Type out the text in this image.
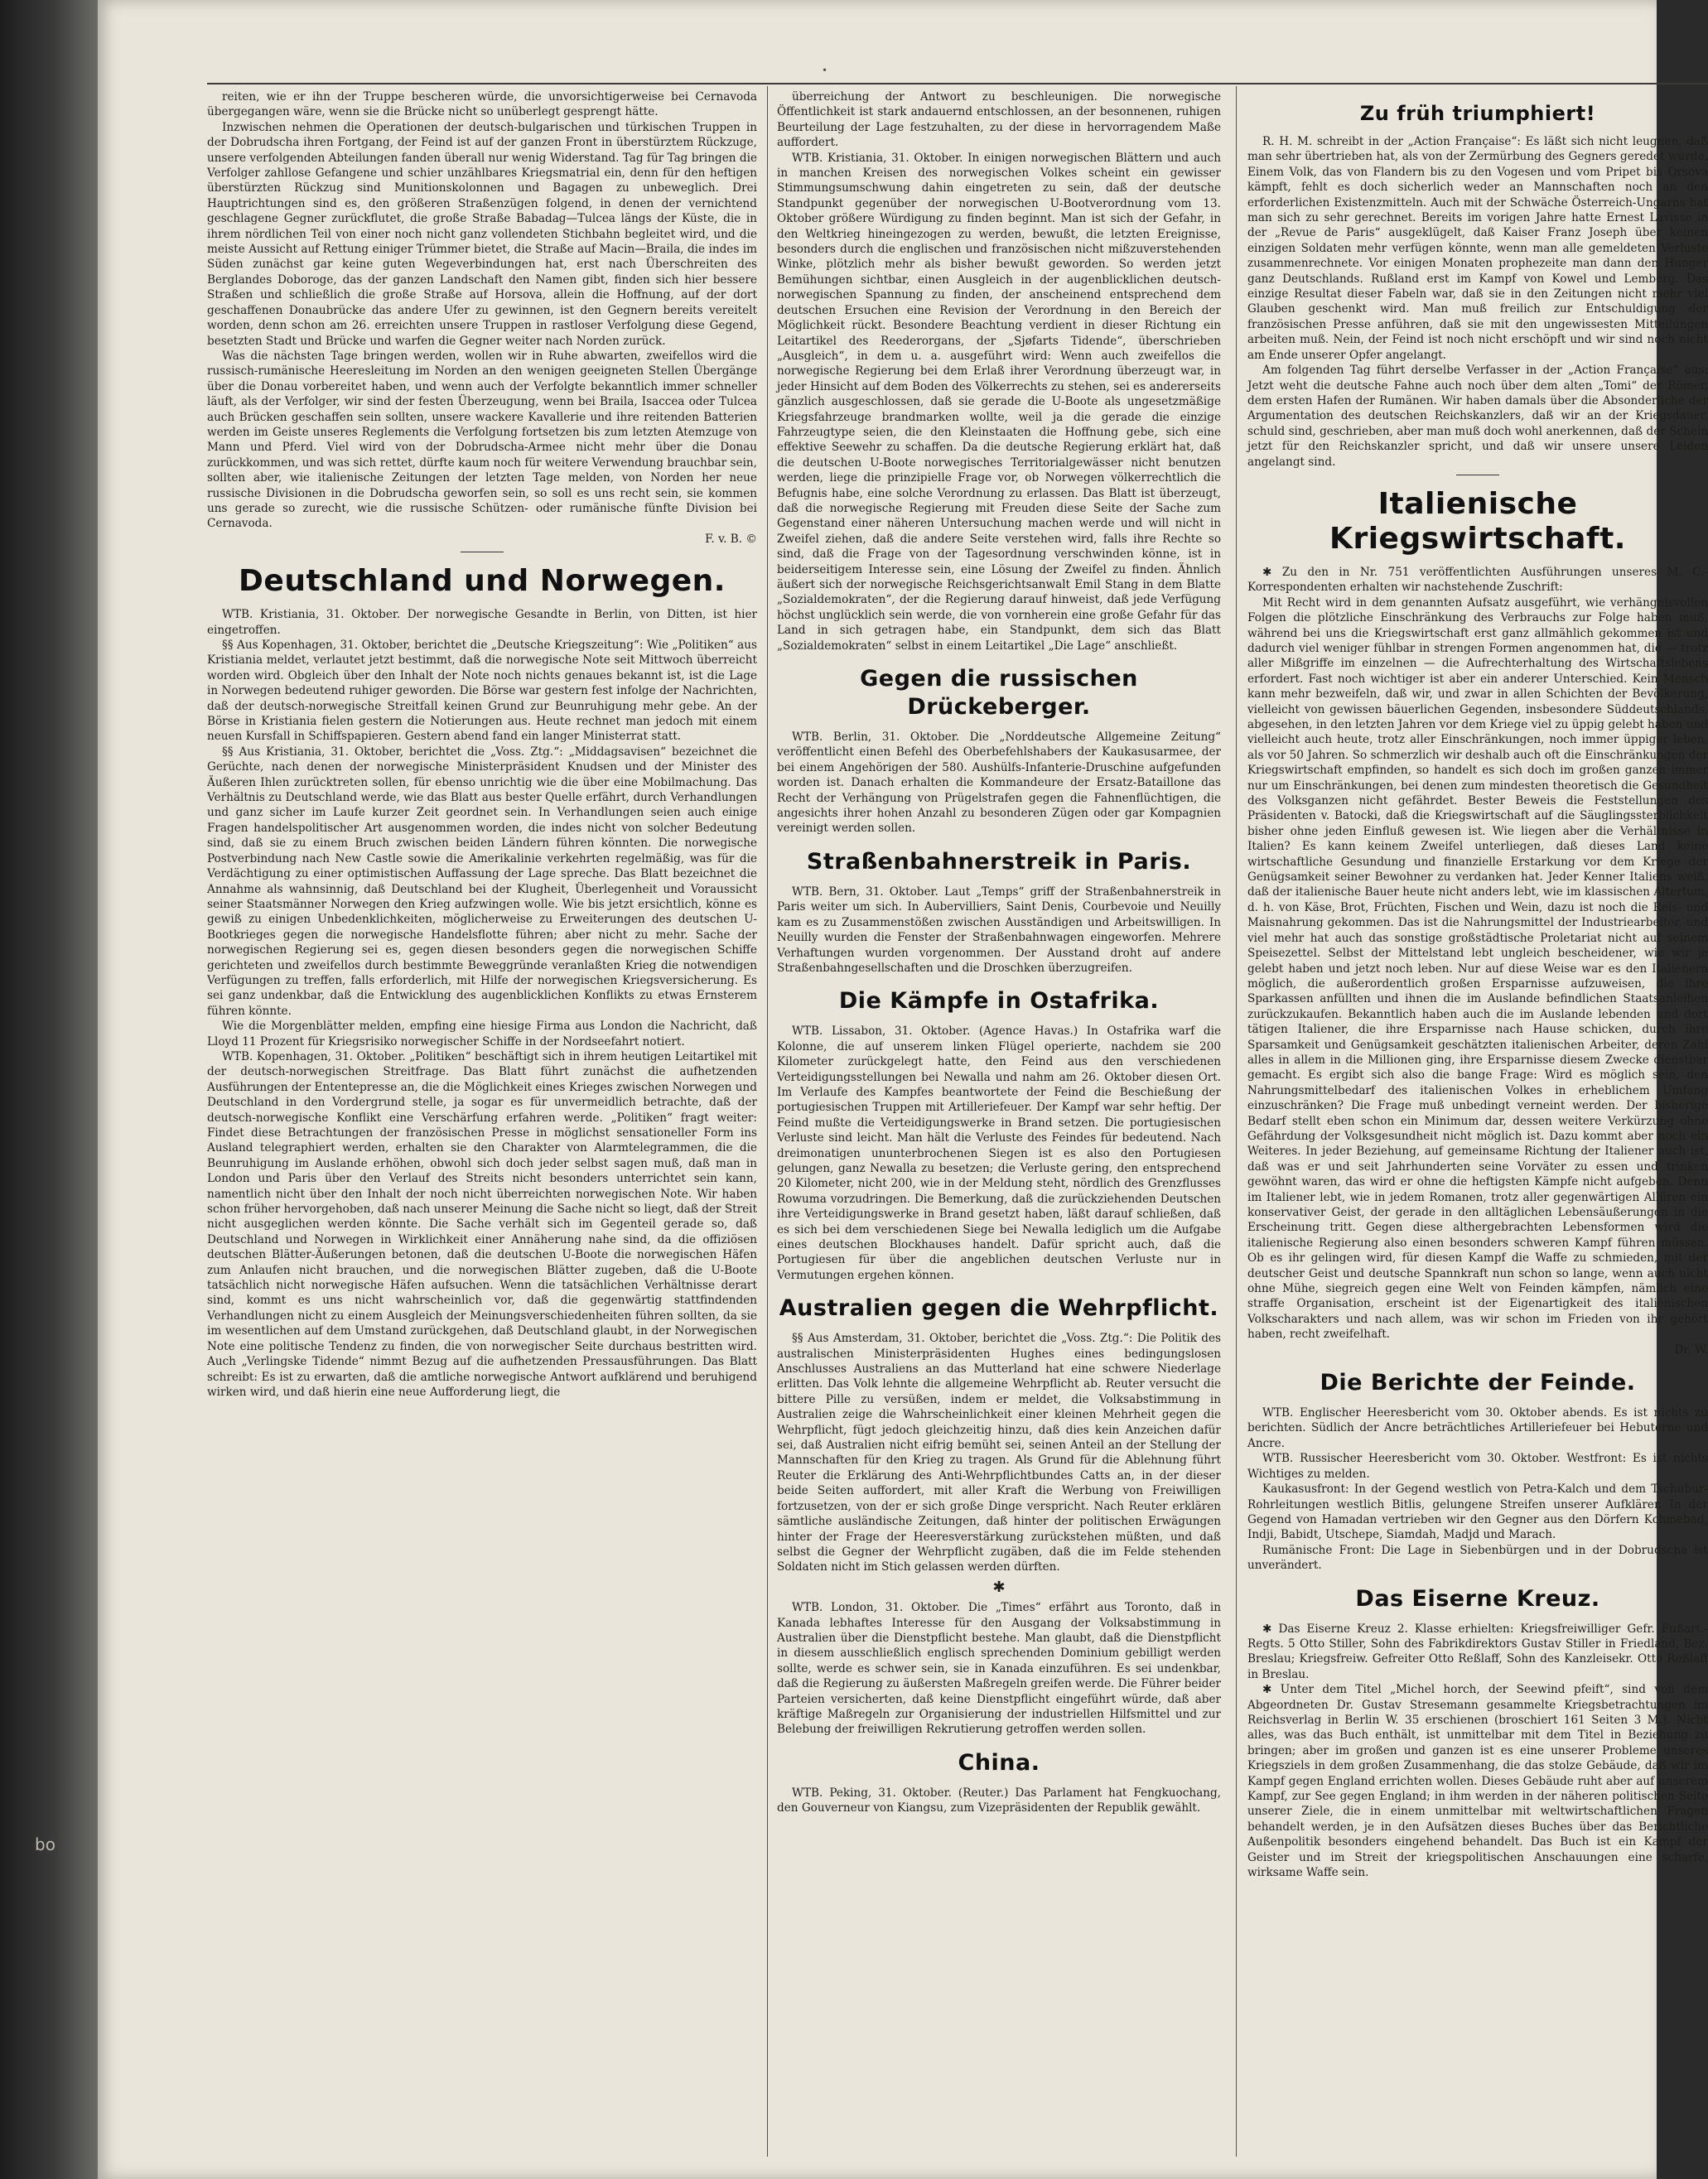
bo
•

reiten, wie er ihn der Truppe bescheren würde, die unvorsichtigerweise bei Cernavoda übergegangen wäre, wenn sie die Brücke nicht so unüberlegt gesprengt hätte.

Inzwischen nehmen die Operationen der deutsch-bulgarischen und türkischen Truppen in der Dobrudscha ihren Fortgang, der Feind ist auf der ganzen Front in überstürztem Rückzuge, unsere verfolgenden Abteilungen fanden überall nur wenig Widerstand. Tag für Tag bringen die Verfolger zahllose Gefangene und schier unzählbares Kriegsmatrial ein, denn für den heftigen überstürzten Rückzug sind Munitionskolonnen und Bagagen zu unbeweglich. Drei Hauptrichtungen sind es, den größeren Straßenzügen folgend, in denen der vernichtend geschlagene Gegner zurückflutet, die große Straße Babadag—Tulcea längs der Küste, die in ihrem nördlichen Teil von einer noch nicht ganz vollendeten Stichbahn begleitet wird, und die meiste Aussicht auf Rettung einiger Trümmer bietet, die Straße auf Macin—Braila, die indes im Süden zunächst gar keine guten Wegeverbindungen hat, erst nach Überschreiten des Berglandes Doboroge, das der ganzen Landschaft den Namen gibt, finden sich hier bessere Straßen und schließlich die große Straße auf Horsova, allein die Hoffnung, auf der dort geschaffenen Donaubrücke das andere Ufer zu gewinnen, ist den Gegnern bereits vereitelt worden, denn schon am 26. erreichten unsere Truppen in rastloser Verfolgung diese Gegend, besetzten Stadt und Brücke und warfen die Gegner weiter nach Norden zurück.

Was die nächsten Tage bringen werden, wollen wir in Ruhe abwarten, zweifellos wird die russisch-rumänische Heeresleitung im Norden an den wenigen geeigneten Stellen Übergänge über die Donau vorbereitet haben, und wenn auch der Verfolgte bekanntlich immer schneller läuft, als der Verfolger, wir sind der festen Überzeugung, wenn bei Braila, Isaccea oder Tulcea auch Brücken geschaffen sein sollten, unsere wackere Kavallerie und ihre reitenden Batterien werden im Geiste unseres Reglements die Verfolgung fortsetzen bis zum letzten Atemzuge von Mann und Pferd. Viel wird von der Dobrudscha-Armee nicht mehr über die Donau zurückkommen, und was sich rettet, dürfte kaum noch für weitere Verwendung brauchbar sein, sollten aber, wie italienische Zeitungen der letzten Tage melden, von Norden her neue russische Divisionen in die Dobrudscha geworfen sein, so soll es uns recht sein, sie kommen uns gerade so zurecht, wie die russische Schützen- oder rumänische fünfte Division bei Cernavoda.

F. v. B. ©
Deutschland und Norwegen.

WTB. Kristiania, 31. Oktober. Der norwegische Gesandte in Berlin, von Ditten, ist hier eingetroffen.

§§ Aus Kopenhagen, 31. Oktober, berichtet die „Deutsche Kriegszeitung“: Wie „Politiken“ aus Kristiania meldet, verlautet jetzt bestimmt, daß die norwegische Note seit Mittwoch überreicht worden wird. Obgleich über den Inhalt der Note noch nichts genaues bekannt ist, ist die Lage in Norwegen bedeutend ruhiger geworden. Die Börse war gestern fest infolge der Nachrichten, daß der deutsch-norwegische Streitfall keinen Grund zur Beunruhigung mehr gebe. An der Börse in Kristiania fielen gestern die Notierungen aus. Heute rechnet man jedoch mit einem neuen Kursfall in Schiffspapieren. Gestern abend fand ein langer Ministerrat statt.

§§ Aus Kristiania, 31. Oktober, berichtet die „Voss. Ztg.“: „Middagsavisen“ bezeichnet die Gerüchte, nach denen der norwegische Ministerpräsident Knudsen und der Minister des Äußeren Ihlen zurücktreten sollen, für ebenso unrichtig wie die über eine Mobilmachung. Das Verhältnis zu Deutschland werde, wie das Blatt aus bester Quelle erfährt, durch Verhandlungen und ganz sicher im Laufe kurzer Zeit geordnet sein. In Verhandlungen seien auch einige Fragen handelspolitischer Art ausgenommen worden, die indes nicht von solcher Bedeutung sind, daß sie zu einem Bruch zwischen beiden Ländern führen könnten. Die norwegische Postverbindung nach New Castle sowie die Amerikalinie verkehrten regelmäßig, was für die Verdächtigung zu einer optimistischen Auffassung der Lage spreche. Das Blatt bezeichnet die Annahme als wahnsinnig, daß Deutschland bei der Klugheit, Überlegenheit und Voraussicht seiner Staatsmänner Norwegen den Krieg aufzwingen wolle. Wie bis jetzt ersichtlich, könne es gewiß zu einigen Unbedenklichkeiten, möglicherweise zu Erweiterungen des deutschen U-Bootkrieges gegen die norwegische Handelsflotte führen; aber nicht zu mehr. Sache der norwegischen Regierung sei es, gegen diesen besonders gegen die norwegischen Schiffe gerichteten und zweifellos durch bestimmte Beweggründe veranlaßten Krieg die notwendigen Verfügungen zu treffen, falls erforderlich, mit Hilfe der norwegischen Kriegsversicherung. Es sei ganz undenkbar, daß die Entwicklung des augenblicklichen Konflikts zu etwas Ernsterem führen könnte.

Wie die Morgenblätter melden, empfing eine hiesige Firma aus London die Nachricht, daß Lloyd 11 Prozent für Kriegsrisiko norwegischer Schiffe in der Nordseefahrt notiert.

WTB. Kopenhagen, 31. Oktober. „Politiken“ beschäftigt sich in ihrem heutigen Leitartikel mit der deutsch-norwegischen Streitfrage. Das Blatt führt zunächst die aufhetzenden Ausführungen der Ententepresse an, die die Möglichkeit eines Krieges zwischen Norwegen und Deutschland in den Vordergrund stelle, ja sogar es für unvermeidlich betrachte, daß der deutsch-norwegische Konflikt eine Verschärfung erfahren werde. „Politiken“ fragt weiter: Findet diese Betrachtungen der französischen Presse in möglichst sensationeller Form ins Ausland telegraphiert werden, erhalten sie den Charakter von Alarmtelegrammen, die die Beunruhigung im Auslande erhöhen, obwohl sich doch jeder selbst sagen muß, daß man in London und Paris über den Verlauf des Streits nicht besonders unterrichtet sein kann, namentlich nicht über den Inhalt der noch nicht überreichten norwegischen Note. Wir haben schon früher hervorgehoben, daß nach unserer Meinung die Sache nicht so liegt, daß der Streit nicht ausgeglichen werden könnte. Die Sache verhält sich im Gegenteil gerade so, daß Deutschland und Norwegen in Wirklichkeit einer Annäherung nahe sind, da die offiziösen deutschen Blätter-Äußerungen betonen, daß die deutschen U-Boote die norwegischen Häfen zum Anlaufen nicht brauchen, und die norwegischen Blätter zugeben, daß die U-Boote tatsächlich nicht norwegische Häfen aufsuchen. Wenn die tatsächlichen Verhältnisse derart sind, kommt es uns nicht wahrscheinlich vor, daß die gegenwärtig stattfindenden Verhandlungen nicht zu einem Ausgleich der Meinungsverschiedenheiten führen sollten, da sie im wesentlichen auf dem Umstand zurückgehen, daß Deutschland glaubt, in der Norwegischen Note eine politische Tendenz zu finden, die von norwegischer Seite durchaus bestritten wird. Auch „Verlingske Tidende“ nimmt Bezug auf die aufhetzenden Pressausführungen. Das Blatt schreibt: Es ist zu erwarten, daß die amtliche norwegische Antwort aufklärend und beruhigend wirken wird, und daß hierin eine neue Aufforderung liegt, die

überreichung der Antwort zu beschleunigen. Die norwegische Öffentlichkeit ist stark andauernd entschlossen, an der besonnenen, ruhigen Beurteilung der Lage festzuhalten, zu der diese in hervorragendem Maße auffordert.

WTB. Kristiania, 31. Oktober. In einigen norwegischen Blättern und auch in manchen Kreisen des norwegischen Volkes scheint ein gewisser Stimmungsumschwung dahin eingetreten zu sein, daß der deutsche Standpunkt gegenüber der norwegischen U-Bootverordnung vom 13. Oktober größere Würdigung zu finden beginnt. Man ist sich der Gefahr, in den Weltkrieg hineingezogen zu werden, bewußt, die letzten Ereignisse, besonders durch die englischen und französischen nicht mißzuverstehenden Winke, plötzlich mehr als bisher bewußt geworden. So werden jetzt Bemühungen sichtbar, einen Ausgleich in der augenblicklichen deutsch-norwegischen Spannung zu finden, der anscheinend entsprechend dem deutschen Ersuchen eine Revision der Verordnung in den Bereich der Möglichkeit rückt. Besondere Beachtung verdient in dieser Richtung ein Leitartikel des Reederorgans, der „Sjøfarts Tidende“, überschrieben „Ausgleich“, in dem u. a. ausgeführt wird: Wenn auch zweifellos die norwegische Regierung bei dem Erlaß ihrer Verordnung überzeugt war, in jeder Hinsicht auf dem Boden des Völkerrechts zu stehen, sei es andererseits gänzlich ausgeschlossen, daß sie gerade die U-Boote als ungesetzmäßige Kriegsfahrzeuge brandmarken wollte, weil ja die gerade die einzige Fahrzeugtype seien, die den Kleinstaaten die Hoffnung gebe, sich eine effektive Seewehr zu schaffen. Da die deutsche Regierung erklärt hat, daß die deutschen U-Boote norwegisches Territorialgewässer nicht benutzen werden, liege die prinzipielle Frage vor, ob Norwegen völkerrechtlich die Befugnis habe, eine solche Verordnung zu erlassen. Das Blatt ist überzeugt, daß die norwegische Regierung mit Freuden diese Seite der Sache zum Gegenstand einer näheren Untersuchung machen werde und will nicht in Zweifel ziehen, daß die andere Seite verstehen wird, falls ihre Rechte so sind, daß die Frage von der Tagesordnung verschwinden könne, ist in beiderseitigem Interesse sein, eine Lösung der Zweifel zu finden. Ähnlich äußert sich der norwegische Reichsgerichtsanwalt Emil Stang in dem Blatte „Sozialdemokraten“, der die Regierung darauf hinweist, daß jede Verfügung höchst unglücklich sein werde, die von vornherein eine große Gefahr für das Land in sich getragen habe, ein Standpunkt, dem sich das Blatt „Sozialdemokraten“ selbst in einem Leitartikel „Die Lage“ anschließt.

Gegen die russischen Drückeberger.

WTB. Berlin, 31. Oktober. Die „Norddeutsche Allgemeine Zeitung“ veröffentlicht einen Befehl des Oberbefehlshabers der Kaukasusarmee, der bei einem Angehörigen der 580. Aushülfs-Infanterie-Druschine aufgefunden worden ist. Danach erhalten die Kommandeure der Ersatz-Bataillone das Recht der Verhängung von Prügelstrafen gegen die Fahnenflüchtigen, die angesichts ihrer hohen Anzahl zu besonderen Zügen oder gar Kompagnien vereinigt werden sollen.

Straßenbahnerstreik in Paris.

WTB. Bern, 31. Oktober. Laut „Temps“ griff der Straßenbahnerstreik in Paris weiter um sich. In Aubervilliers, Saint Denis, Courbevoie und Neuilly kam es zu Zusammenstößen zwischen Ausständigen und Arbeitswilligen. In Neuilly wurden die Fenster der Straßenbahnwagen eingeworfen. Mehrere Verhaftungen wurden vorgenommen. Der Ausstand droht auf andere Straßenbahngesellschaften und die Droschken überzugreifen.

Die Kämpfe in Ostafrika.

WTB. Lissabon, 31. Oktober. (Agence Havas.) In Ostafrika warf die Kolonne, die auf unserem linken Flügel operierte, nachdem sie 200 Kilometer zurückgelegt hatte, den Feind aus den verschiedenen Verteidigungsstellungen bei Newalla und nahm am 26. Oktober diesen Ort. Im Verlaufe des Kampfes beantwortete der Feind die Beschießung der portugiesischen Truppen mit Artilleriefeuer. Der Kampf war sehr heftig. Der Feind mußte die Verteidigungswerke in Brand setzen. Die portugiesischen Verluste sind leicht. Man hält die Verluste des Feindes für bedeutend. Nach dreimonatigen ununterbrochenen Siegen ist es also den Portugiesen gelungen, ganz Newalla zu besetzen; die Verluste gering, den entsprechend 20 Kilometer, nicht 200, wie in der Meldung steht, nördlich des Grenzflusses Rowuma vorzudringen. Die Bemerkung, daß die zurückziehenden Deutschen ihre Verteidigungswerke in Brand gesetzt haben, läßt darauf schließen, daß es sich bei dem verschiedenen Siege bei Newalla lediglich um die Aufgabe eines deutschen Blockhauses handelt. Dafür spricht auch, daß die Portugiesen für über die angeblichen deutschen Verluste nur in Vermutungen ergehen können.

Australien gegen die Wehrpflicht.

§§ Aus Amsterdam, 31. Oktober, berichtet die „Voss. Ztg.“: Die Politik des australischen Ministerpräsidenten Hughes eines bedingungslosen Anschlusses Australiens an das Mutterland hat eine schwere Niederlage erlitten. Das Volk lehnte die allgemeine Wehrpflicht ab. Reuter versucht die bittere Pille zu versüßen, indem er meldet, die Volksabstimmung in Australien zeige die Wahrscheinlichkeit einer kleinen Mehrheit gegen die Wehrpflicht, fügt jedoch gleichzeitig hinzu, daß dies kein Anzeichen dafür sei, daß Australien nicht eifrig bemüht sei, seinen Anteil an der Stellung der Mannschaften für den Krieg zu tragen. Als Grund für die Ablehnung führt Reuter die Erklärung des Anti-Wehrpflichtbundes Catts an, in der dieser beide Seiten auffordert, mit aller Kraft die Werbung von Freiwilligen fortzusetzen, von der er sich große Dinge verspricht. Nach Reuter erklären sämtliche ausländische Zeitungen, daß hinter der politischen Erwägungen hinter der Frage der Heeresverstärkung zurückstehen müßten, und daß selbst die Gegner der Wehrpflicht zugäben, daß die im Felde stehenden Soldaten nicht im Stich gelassen werden dürften.

✱

WTB. London, 31. Oktober. Die „Times“ erfährt aus Toronto, daß in Kanada lebhaftes Interesse für den Ausgang der Volksabstimmung in Australien über die Dienstpflicht bestehe. Man glaubt, daß die Dienstpflicht in diesem ausschließlich englisch sprechenden Dominium gebilligt werden sollte, werde es schwer sein, sie in Kanada einzuführen. Es sei undenkbar, daß die Regierung zu äußersten Maßregeln greifen werde. Die Führer beider Parteien versicherten, daß keine Dienstpflicht eingeführt würde, daß aber kräftige Maßregeln zur Organisierung der industriellen Hilfsmittel und zur Belebung der freiwilligen Rekrutierung getroffen werden sollen.

China.

WTB. Peking, 31. Oktober. (Reuter.) Das Parlament hat Fengkuochang, den Gouverneur von Kiangsu, zum Vizepräsidenten der Republik gewählt.

Zu früh triumphiert!

R. H. M. schreibt in der „Action Française“: Es läßt sich nicht leugnen, daß man sehr übertrieben hat, als von der Zermürbung des Gegners geredet wurde. Einem Volk, das von Flandern bis zu den Vogesen und vom Pripet bis Orsova kämpft, fehlt es doch sicherlich weder an Mannschaften noch an den erforderlichen Existenzmitteln. Auch mit der Schwäche Österreich-Ungarns hat man sich zu sehr gerechnet. Bereits im vorigen Jahre hatte Ernest Lavisse in der „Revue de Paris“ ausgeklügelt, daß Kaiser Franz Joseph über keinen einzigen Soldaten mehr verfügen könnte, wenn man alle gemeldeten Verluste zusammenrechnete. Vor einigen Monaten prophezeite man dann den Hunger ganz Deutschlands. Rußland erst im Kampf von Kowel und Lemberg. Das einzige Resultat dieser Fabeln war, daß sie in den Zeitungen nicht mehr viel Glauben geschenkt wird. Man muß freilich zur Entschuldigung der französischen Presse anführen, daß sie mit den ungewissesten Mitteilungen arbeiten muß. Nein, der Feind ist noch nicht erschöpft und wir sind noch nicht am Ende unserer Opfer angelangt.

Am folgenden Tag führt derselbe Verfasser in der „Action Française“ aus: Jetzt weht die deutsche Fahne auch noch über dem alten „Tomi“ der Römer, dem ersten Hafen der Rumänen. Wir haben damals über die Absonderliche der Argumentation des deutschen Reichskanzlers, daß wir an der Kriegsdauer, schuld sind, geschrieben, aber man muß doch wohl anerkennen, daß der Schein jetzt für den Reichskanzler spricht, und daß wir unsere unsere Leiden angelangt sind.

Italienische Kriegswirtschaft.

✱ Zu den in Nr. 751 veröffentlichten Ausführungen unseres M. C.-Korrespondenten erhalten wir nachstehende Zuschrift:

Mit Recht wird in dem genannten Aufsatz ausgeführt, wie verhängnisvollen Folgen die plötzliche Einschränkung des Verbrauchs zur Folge haben muß, während bei uns die Kriegswirtschaft erst ganz allmählich gekommen ist und dadurch viel weniger fühlbar in strengen Formen angenommen hat, die — trotz aller Mißgriffe im einzelnen — die Aufrechterhaltung des Wirtschaftslebens erfordert. Fast noch wichtiger ist aber ein anderer Unterschied. Kein Mensch kann mehr bezweifeln, daß wir, und zwar in allen Schichten der Bevölkerung, vielleicht von gewissen bäuerlichen Gegenden, insbesondere Süddeutschlands, abgesehen, in den letzten Jahren vor dem Kriege viel zu üppig gelebt haben und vielleicht auch heute, trotz aller Einschränkungen, noch immer üppiger leben, als vor 50 Jahren. So schmerzlich wir deshalb auch oft die Einschränkungen der Kriegswirtschaft empfinden, so handelt es sich doch im großen ganzen immer nur um Einschränkungen, bei denen zum mindesten theoretisch die Gesundheit des Volksganzen nicht gefährdet. Bester Beweis die Feststellungen des Präsidenten v. Batocki, daß die Kriegswirtschaft auf die Säuglingssterblichkeit bisher ohne jeden Einfluß gewesen ist. Wie liegen aber die Verhältnisse in Italien? Es kann keinem Zweifel unterliegen, daß dieses Land keine wirtschaftliche Gesundung und finanzielle Erstarkung vor dem Kriege der Genügsamkeit seiner Bewohner zu verdanken hat. Jeder Kenner Italiens weiß, daß der italienische Bauer heute nicht anders lebt, wie im klassischen Altertum, d. h. von Käse, Brot, Früchten, Fischen und Wein, dazu ist noch die Reis- und Maisnahrung gekommen. Das ist die Nahrungsmittel der Industriearbeiter, und viel mehr hat auch das sonstige großstädtische Proletariat nicht auf seinem Speisezettel. Selbst der Mittelstand lebt ungleich bescheidener, wie wir je gelebt haben und jetzt noch leben. Nur auf diese Weise war es den Italienern möglich, die außerordentlich großen Ersparnisse aufzuweisen, die ihre Sparkassen anfüllten und ihnen die im Auslande befindlichen Staatsanleihen zurückzukaufen. Bekanntlich haben auch die im Auslande lebenden und dort tätigen Italiener, die ihre Ersparnisse nach Hause schicken, durch ihre Sparsamkeit und Genügsamkeit geschätzten italienischen Arbeiter, deren Zahl alles in allem in die Millionen ging, ihre Ersparnisse diesem Zwecke dienstbar gemacht. Es ergibt sich also die bange Frage: Wird es möglich sein, den Nahrungsmittelbedarf des italienischen Volkes in erheblichem Umfang einzuschränken? Die Frage muß unbedingt verneint werden. Der bisherige Bedarf stellt eben schon ein Minimum dar, dessen weitere Verkürzung ohne Gefährdung der Volksgesundheit nicht möglich ist. Dazu kommt aber noch ein Weiteres. In jeder Beziehung, auf gemeinsame Richtung der Italiener auch ist, daß was er und seit Jahrhunderten seine Vorväter zu essen und trinken gewöhnt waren, das wird er ohne die heftigsten Kämpfe nicht aufgeben. Denn im Italiener lebt, wie in jedem Romanen, trotz aller gegenwärtigen Allüren ein konservativer Geist, der gerade in den alltäglichen Lebensäußerungen in die Erscheinung tritt. Gegen diese althergebrachten Lebensformen wird die italienische Regierung also einen besonders schweren Kampf führen müssen. Ob es ihr gelingen wird, für diesen Kampf die Waffe zu schmieden, mit der deutscher Geist und deutsche Spannkraft nun schon so lange, wenn auch nicht ohne Mühe, siegreich gegen eine Welt von Feinden kämpfen, nämlich eine straffe Organisation, erscheint ist der Eigenartigkeit des italienischen Volkscharakters und nach allem, was wir schon im Frieden von ihr gehört haben, recht zweifelhaft.

Dr. W.
Die Berichte der Feinde.

WTB. Englischer Heeresbericht vom 30. Oktober abends. Es ist nichts zu berichten. Südlich der Ancre beträchtliches Artilleriefeuer bei Hebuterne und Ancre.

WTB. Russischer Heeresbericht vom 30. Oktober. Westfront: Es ist nichts Wichtiges zu melden.

Kaukasusfront: In der Gegend westlich von Petra-Kalch und dem Tschubur-Rohrleitungen westlich Bitlis, gelungene Streifen unserer Aufklärer. In der Gegend von Hamadan vertrieben wir den Gegner aus den Dörfern Kchmebad, Indji, Babidt, Utschepe, Siamdah, Madjd und Marach.

Rumänische Front: Die Lage in Siebenbürgen und in der Dobrudscha ist unverändert.

Das Eiserne Kreuz.

✱ Das Eiserne Kreuz 2. Klasse erhielten: Kriegsfreiwilliger Gefr. Fußart.-Regts. 5 Otto Stiller, Sohn des Fabrikdirektors Gustav Stiller in Friedland, Bez. Breslau; Kriegsfreiw. Gefreiter Otto Reßlaff, Sohn des Kanzleisekr. Otto Reßlaff in Breslau.

✱ Unter dem Titel „Michel horch, der Seewind pfeift“, sind von dem Abgeordneten Dr. Gustav Stresemann gesammelte Kriegsbetrachtungen im Reichsverlag in Berlin W. 35 erschienen (broschiert 161 Seiten 3 M.). Nicht alles, was das Buch enthält, ist unmittelbar mit dem Titel in Beziehung zu bringen; aber im großen und ganzen ist es eine unserer Probleme unseres Kriegsziels in dem großen Zusammenhang, die das stolze Gebäude, daß wir im Kampf gegen England errichten wollen. Dieses Gebäude ruht aber auf unserem Kampf, zur See gegen England; in ihm werden in der näheren politischen Seite unserer Ziele, die in einem unmittelbar mit weltwirtschaftlichen Fragen behandelt werden, je in den Aufsätzen dieses Buches über das Berichtliche Außenpolitik besonders eingehend behandelt. Das Buch ist ein Kampf der Geister und im Streit der kriegspolitischen Anschauungen eine scharfe, wirksame Waffe sein.
